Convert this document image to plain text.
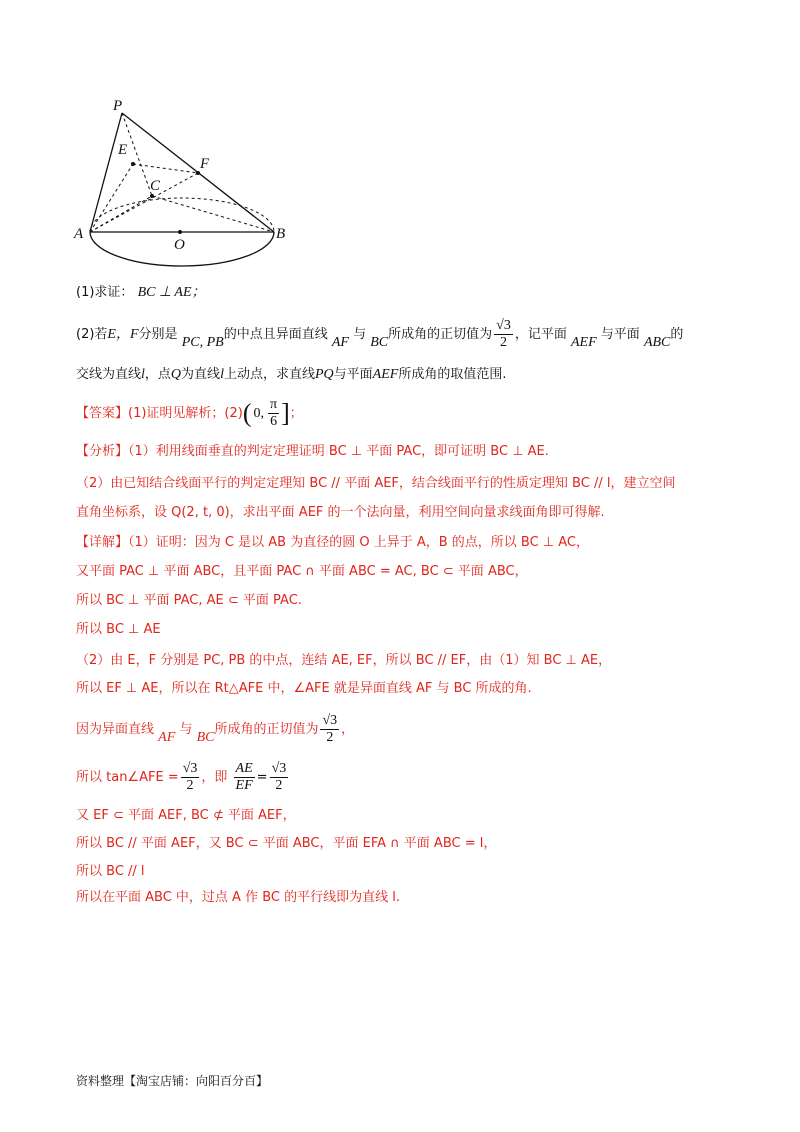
P
E
F
C
A
O
B
(1)求证： BC ⊥ AE；
(2)若E，F分别是 PC, PB的中点且异面直线 AF 与 BC所成角的正切值为 $\frac{√3}{2}$ ，记平面 AEF 与平面 ABC的
交线为直线l，点Q为直线l上动点，求直线PQ与平面AEF所成角的取值范围.
【答案】(1)证明见解析；(2)( 0, $\frac{\pi}{6}$ ]；
【分析】（1）利用线面垂直的判定定理证明 BC ⊥ 平面 PAC，即可证明 BC ⊥ AE.
（2）由已知结合线面平行的判定定理知 BC // 平面 AEF，结合线面平行的性质定理知 BC // l，建立空间
直角坐标系，设 Q(2, t, 0)，求出平面 AEF 的一个法向量，利用空间向量求线面角即可得解.
【详解】（1）证明：因为 C 是以 AB 为直径的圆 O 上异于 A，B 的点，所以 BC ⊥ AC，
又平面 PAC ⊥ 平面 ABC，且平面 PAC ∩ 平面 ABC = AC, BC ⊂ 平面 ABC，
所以 BC ⊥ 平面 PAC, AE ⊂ 平面 PAC.
所以 BC ⊥ AE
（2）由 E，F 分别是 PC, PB 的中点，连结 AE, EF，所以 BC // EF，由（1）知 BC ⊥ AE，
所以 EF ⊥ AE，所以在 Rt△AFE 中，∠AFE 就是异面直线 AF 与 BC 所成的角.
因为异面直线 AF 与 BC所成角的正切值为 $\frac{√3}{2}$ ，
所以 tan∠AFE = $\frac{√3}{2}$ ，即 $\frac{AE}{EF} = \frac{√3}{2}$
又 EF ⊂ 平面 AEF, BC ⊄ 平面 AEF，
所以 BC // 平面 AEF，又 BC ⊂ 平面 ABC，平面 EFA ∩ 平面 ABC = l，
所以 BC // l
所以在平面 ABC 中，过点 A 作 BC 的平行线即为直线 l.
资料整理【淘宝店铺：向阳百分百】
